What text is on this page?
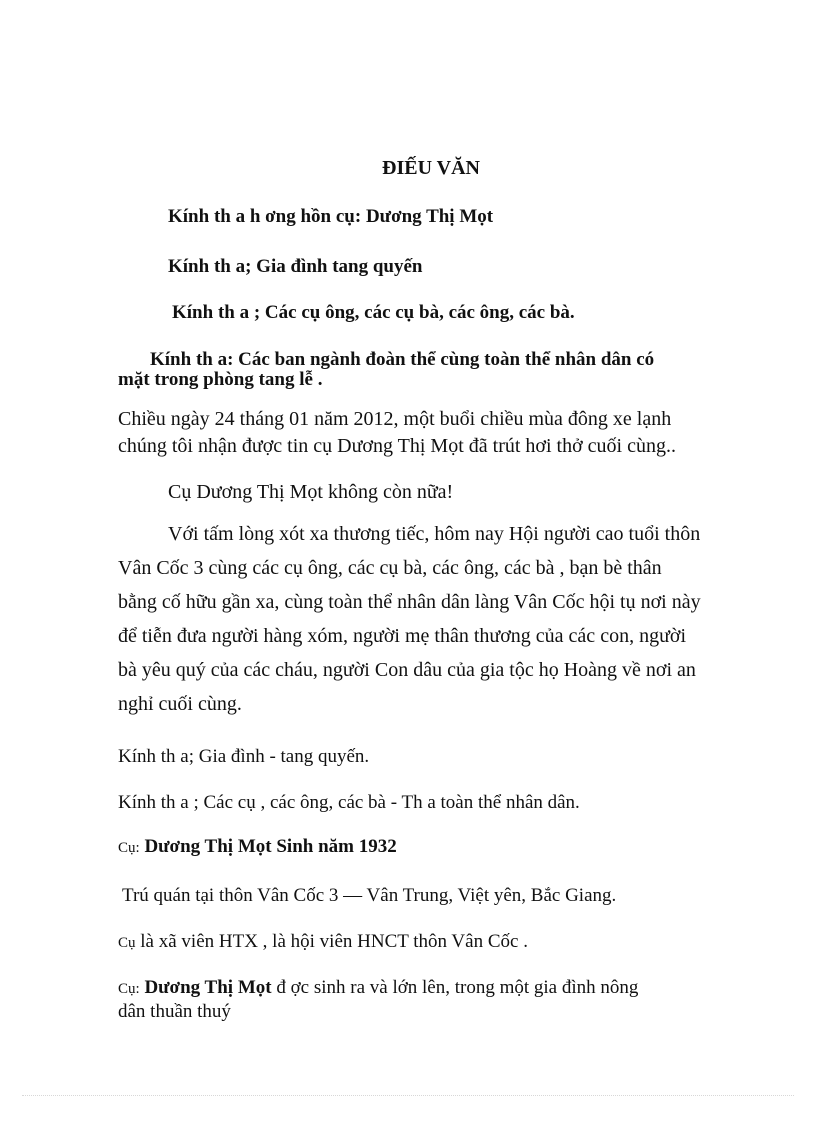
ĐIẾU VĂN
Kính th a h ơng hồn cụ: Dương Thị Mọt
Kính th a; Gia đình tang quyến
Kính th a ; Các cụ ông, các cụ bà, các ông, các bà.
Kính th a: Các ban ngành đoàn thể cùng toàn thể nhân dân có
mặt trong phòng tang lễ .
Chiều ngày 24 tháng 01 năm 2012, một buổi chiều mùa đông xe lạnh
chúng tôi nhận được tin cụ Dương Thị Mọt đã trút hơi thở cuối cùng..
Cụ Dương Thị Mọt không còn nữa!
Với tấm lòng xót xa thương tiếc, hôm nay Hội người cao tuổi thôn
Vân Cốc 3 cùng các cụ ông, các cụ bà, các ông, các bà , bạn bè thân
bằng cố hữu gần xa, cùng toàn thể nhân dân làng Vân Cốc hội tụ nơi này
để tiễn đưa người hàng xóm, người mẹ thân thương của các con, người
bà yêu quý của các cháu, người Con dâu của gia tộc họ Hoàng về nơi an
nghỉ cuối cùng.
Kính th a; Gia đình - tang quyến.
Kính th a ; Các cụ , các ông, các bà - Th a toàn thể nhân dân.
Cụ: Dương Thị Mọt Sinh năm 1932
Trú quán tại thôn Vân Cốc 3 — Vân Trung, Việt yên, Bắc Giang.
Cụ là xã viên HTX , là hội viên HNCT thôn Vân Cốc .
Cụ: Dương Thị Mọt đ ợc sinh ra và lớn lên, trong một gia đình nông
dân thuần thuý
